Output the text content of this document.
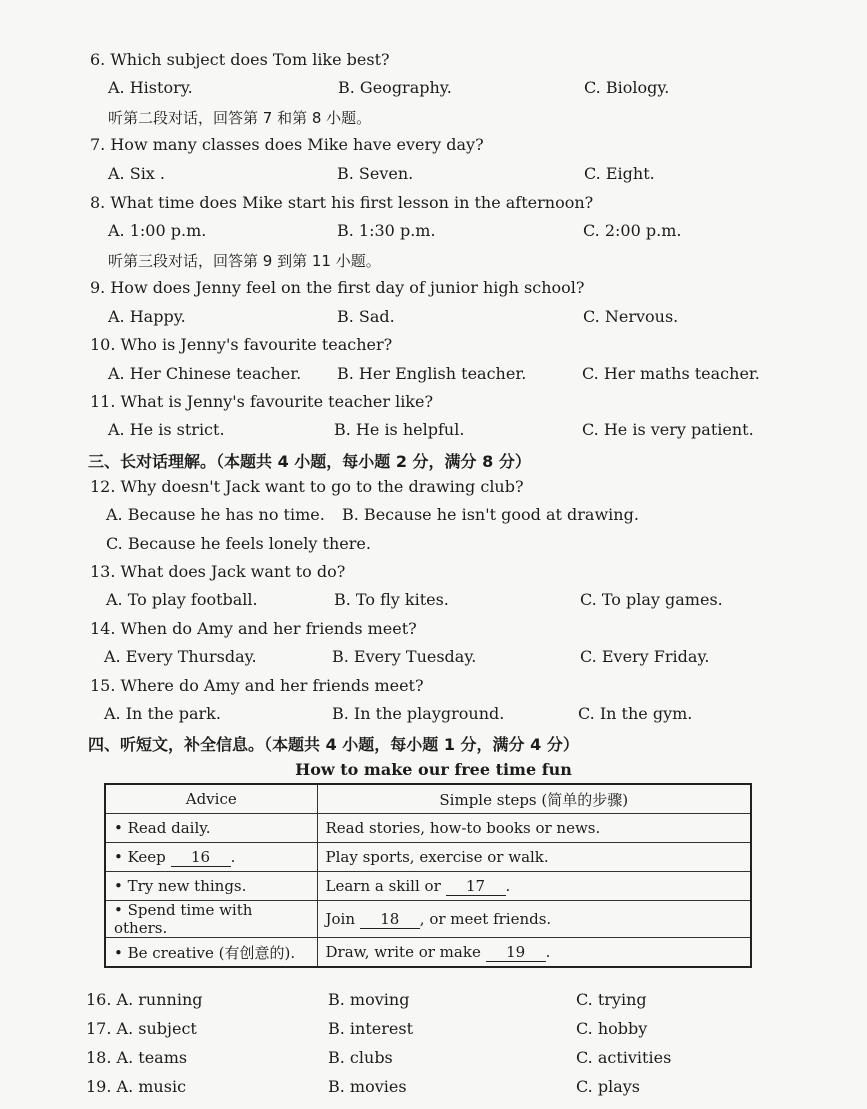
6. Which subject does Tom like best?
A. History.	B. Geography.	C. Biology.
听第二段对话，回答第 7 和第 8 小题。
7. How many classes does Mike have every day?
A. Six .	B. Seven.	C. Eight.
8. What time does Mike start his first lesson in the afternoon?
A. 1:00 p.m.	B. 1:30 p.m.	C. 2:00 p.m.
听第三段对话，回答第 9 到第 11 小题。
9. How does Jenny feel on the first day of junior high school?
A. Happy.	B. Sad.	C. Nervous.
10. Who is Jenny's favourite teacher?
A. Her Chinese teacher. B. Her English teacher.	C. Her maths teacher.
11. What is Jenny's favourite teacher like?
A. He is strict.	B. He is helpful.	C. He is very patient.
三、长对话理解。（本题共 4 小题，每小题 2 分，满分 8 分）
12. Why doesn't Jack want to go to the drawing club?
A. Because he has no time. B. Because he isn't good at drawing.
C. Because he feels lonely there.
13. What does Jack want to do?
A. To play football.	B. To fly kites.	C. To play games.
14. When do Amy and her friends meet?
A. Every Thursday.	B. Every Tuesday.	C. Every Friday.
15. Where do Amy and her friends meet?
A. In the park.	B. In the playground.	C. In the gym.
四、听短文，补全信息。（本题共 4 小题，每小题 1 分，满分 4 分）
How to make our free time fun
Advice	Simple steps (简单的步骤)
• Read daily.	Read stories, how-to books or news.
• Keep 16 .	Play sports, exercise or walk.
• Try new things.	Learn a skill or 17 .
• Spend time with others.	Join 18 , or meet friends.
• Be creative (有创意的).	Draw, write or make 19 .
16. A. running	B. moving	C. trying
17. A. subject	B. interest	C. hobby
18. A. teams	B. clubs	C. activities
19. A. music	B. movies	C. plays
